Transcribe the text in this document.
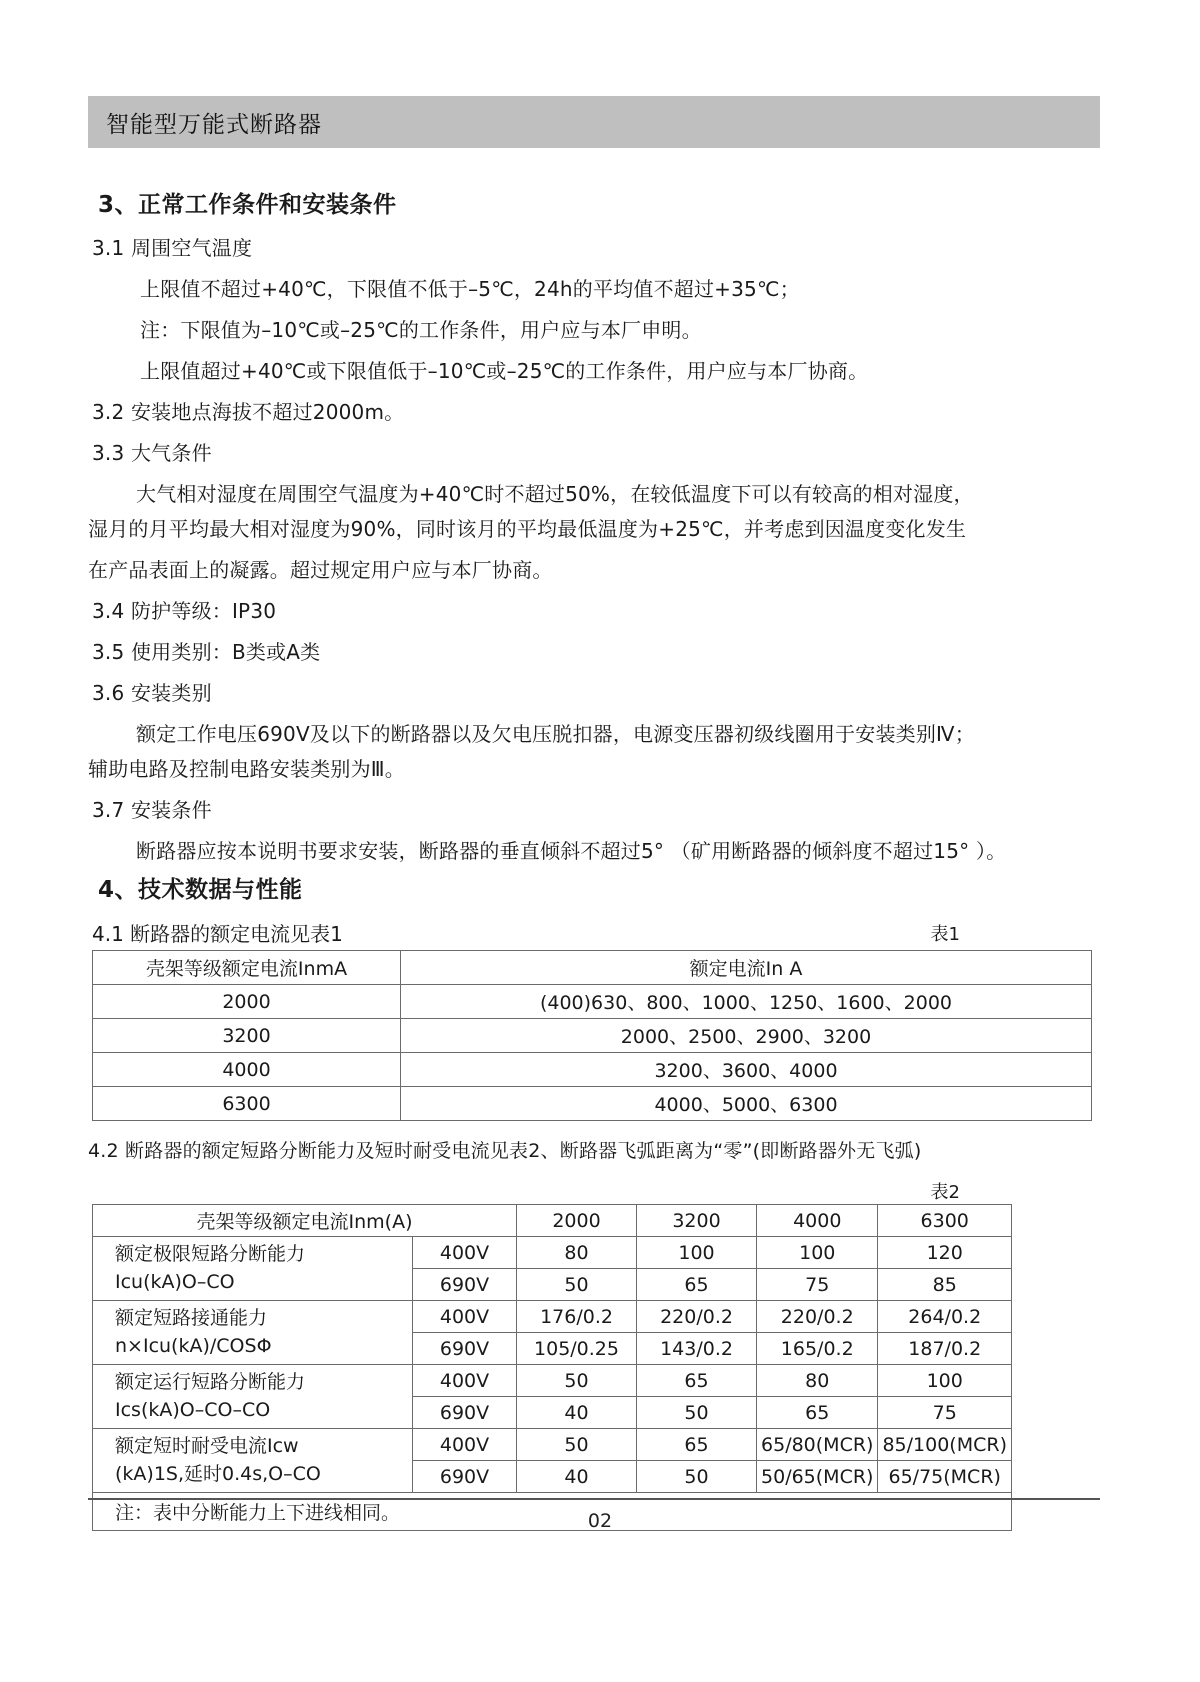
智能型万能式断路器
3、正常工作条件和安装条件

3.1 周围空气温度

上限值不超过+40℃，下限值不低于–5℃，24h的平均值不超过+35℃；

注：下限值为–10℃或–25℃的工作条件，用户应与本厂申明。

上限值超过+40℃或下限值低于–10℃或–25℃的工作条件，用户应与本厂协商。

3.2 安装地点海拔不超过2000m。

3.3 大气条件

大气相对湿度在周围空气温度为+40℃时不超过50%，在较低温度下可以有较高的相对湿度，

湿月的月平均最大相对湿度为90%，同时该月的平均最低温度为+25℃，并考虑到因温度变化发生

在产品表面上的凝露。超过规定用户应与本厂协商。

3.4 防护等级：IP30

3.5 使用类别：B类或A类

3.6 安装类别

额定工作电压690V及以下的断路器以及欠电压脱扣器，电源变压器初级线圈用于安装类别Ⅳ；

辅助电路及控制电路安装类别为Ⅲ。

3.7 安装条件

断路器应按本说明书要求安装，断路器的垂直倾斜不超过5° （矿用断路器的倾斜度不超过15° ）。

4、技术数据与性能
4.1 断路器的额定电流见表1	表1
壳架等级额定电流InmA	额定电流In A
2000	(400)630、800、1000、1250、1600、2000
3200	2000、2500、2900、3200
4000	3200、3600、4000
6300	4000、5000、6300

4.2 断路器的额定短路分断能力及短时耐受电流见表2、断路器飞弧距离为“零”(即断路器外无飞弧)

表2
壳架等级额定电流Inm(A)		2000	3200	4000	6300
额定极限短路分断能力
Icu(kA)O–CO	400V	80	100	100	120
	690V	50	65	75	85
额定短路接通能力
n×Icu(kA)/COSΦ	400V	176/0.2	220/0.2	220/0.2	264/0.2
	690V	105/0.25	143/0.2	165/0.2	187/0.2
额定运行短路分断能力
Ics(kA)O–CO–CO	400V	50	65	80	100
	690V	40	50	65	75
额定短时耐受电流Icw
(kA)1S,延时0.4s,O–CO	400V	50	65	65/80(MCR)	85/100(MCR)
	690V	40	50	50/65(MCR)	65/75(MCR)
注：表中分断能力上下进线相同。						02
